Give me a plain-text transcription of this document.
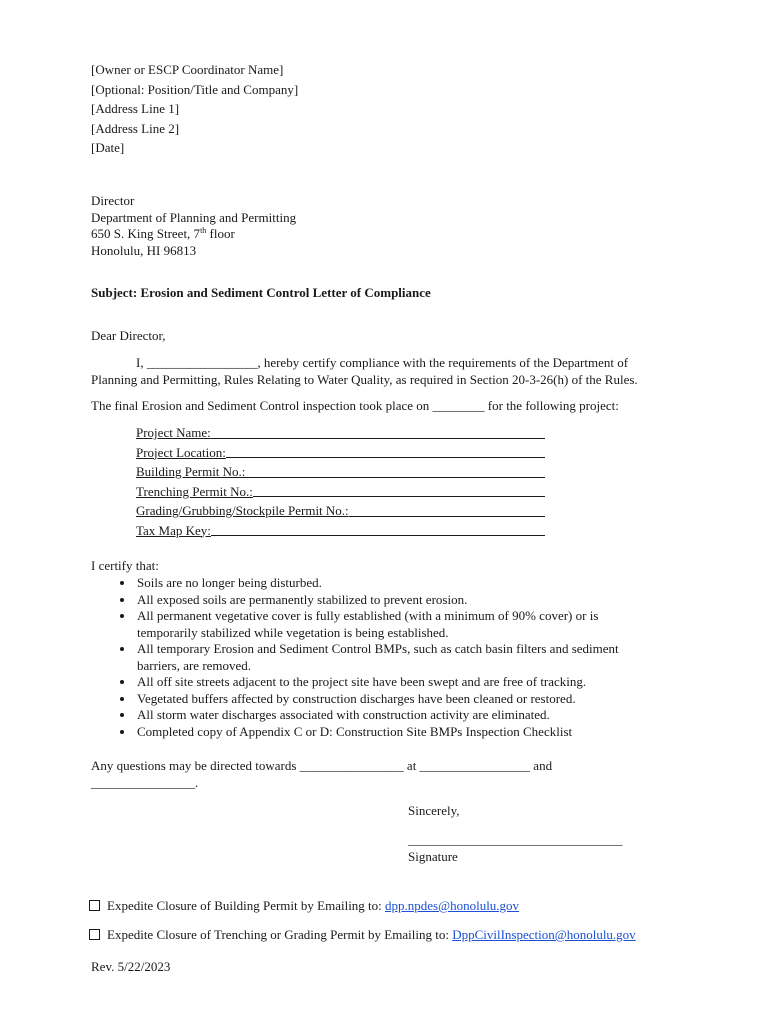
[Owner or ESCP Coordinator Name]
[Optional: Position/Title and Company]
[Address Line 1]
[Address Line 2]
[Date]
Director
Department of Planning and Permitting
650 S. King Street, 7th floor
Honolulu, HI 96813
Subject: Erosion and Sediment Control Letter of Compliance
Dear Director,
I, _________________, hereby certify compliance with the requirements of the Department of
Planning and Permitting, Rules Relating to Water Quality, as required in Section 20-3-26(h) of the Rules.
The final Erosion and Sediment Control inspection took place on ________ for the following project:
Project Name:
Project Location:
Building Permit No.:
Trenching Permit No.:
Grading/Grubbing/Stockpile Permit No.:
Tax Map Key:
I certify that:
Soils are no longer being disturbed.
All exposed soils are permanently stabilized to prevent erosion.
All permanent vegetative cover is fully established (with a minimum of 90% cover) or is
temporarily stabilized while vegetation is being established.
All temporary Erosion and Sediment Control BMPs, such as catch basin filters and sediment
barriers, are removed.
All off site streets adjacent to the project site have been swept and are free of tracking.
Vegetated buffers affected by construction discharges have been cleaned or restored.
All storm water discharges associated with construction activity are eliminated.
Completed copy of Appendix C or D: Construction Site BMPs Inspection Checklist
Any questions may be directed towards ________________ at _________________ and
________________.
Sincerely,
_________________________________
Signature
Expedite Closure of Building Permit by Emailing to: dpp.npdes@honolulu.gov
Expedite Closure of Trenching or Grading Permit by Emailing to: DppCivilInspection@honolulu.gov
Rev. 5/22/2023
